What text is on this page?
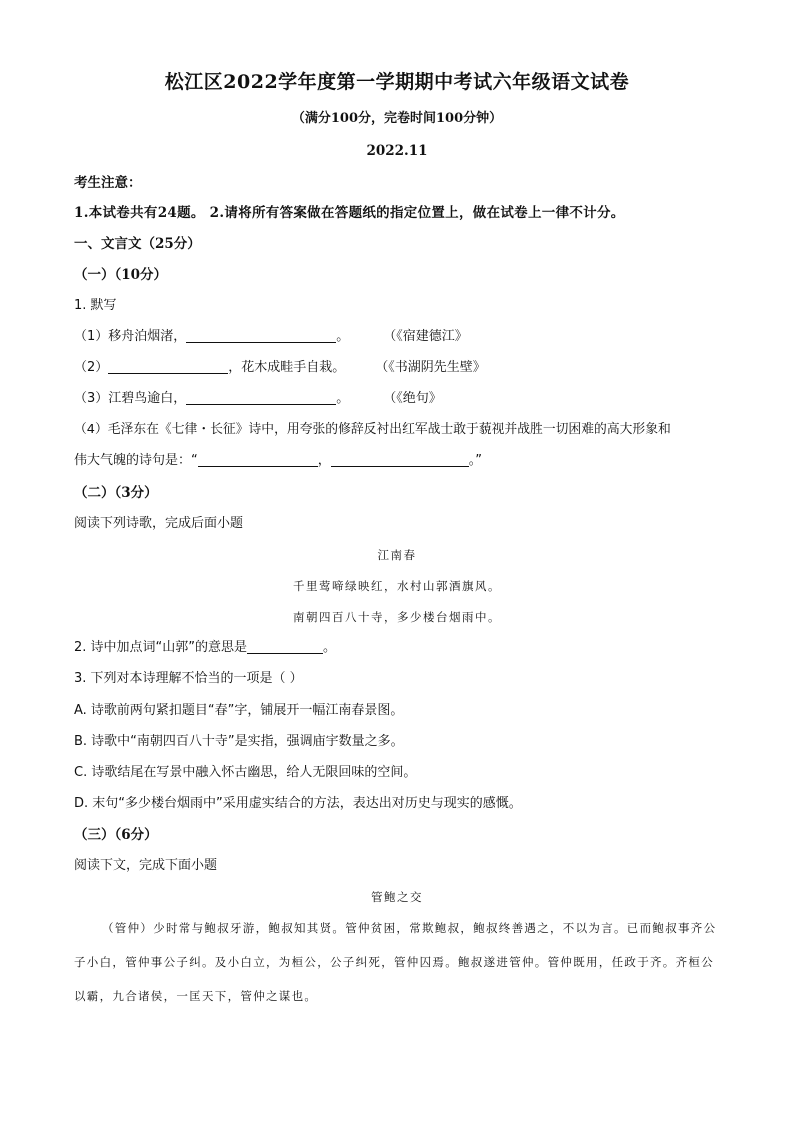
松江区2022学年度第一学期期中考试六年级语文试卷
（满分100分，完卷时间100分钟）
2022.11
考生注意：
1.本试卷共有24题。 2.请将所有答案做在答题纸的指定位置上，做在试卷上一律不计分。
一、文言文（25分）
（一）（10分）
1. 默写
（1）移舟泊烟渚，	。	（《宿建德江》
（2）	，花木成畦手自栽。 （《书湖阴先生壁》
（3）江碧鸟逾白，	。	（《绝句》
（4）毛泽东在《七律・长征》诗中，用夸张的修辞反衬出红军战士敢于藐视并战胜一切困难的高大形象和
伟大气魄的诗句是：“	，	。”
（二）（3分）
阅读下列诗歌，完成后面小题
江南春
千里莺啼绿映红，水村山郭酒旗风。
南朝四百八十寺，多少楼台烟雨中。
2. 诗中加点词“山郭”的意思是	。
3. 下列对本诗理解不恰当的一项是（ ）
A. 诗歌前两句紧扣题目“春”字，铺展开一幅江南春景图。
B. 诗歌中“南朝四百八十寺”是实指，强调庙宇数量之多。
C. 诗歌结尾在写景中融入怀古幽思，给人无限回味的空间。
D. 末句“多少楼台烟雨中”采用虚实结合的方法，表达出对历史与现实的感慨。
（三）（6分）
阅读下文，完成下面小题
管鲍之交
（管仲）少时常与鲍叔牙游，鲍叔知其贤。管仲贫困，常欺鲍叔，鲍叔终善遇之，不以为言。已而鲍叔事齐公子小白，管仲事公子纠。及小白立，为桓公，公子纠死，管仲囚焉。鲍叔遂进管仲。管仲既用，任政于齐。齐桓公以霸，九合诸侯，一匡天下，管仲之谋也。
